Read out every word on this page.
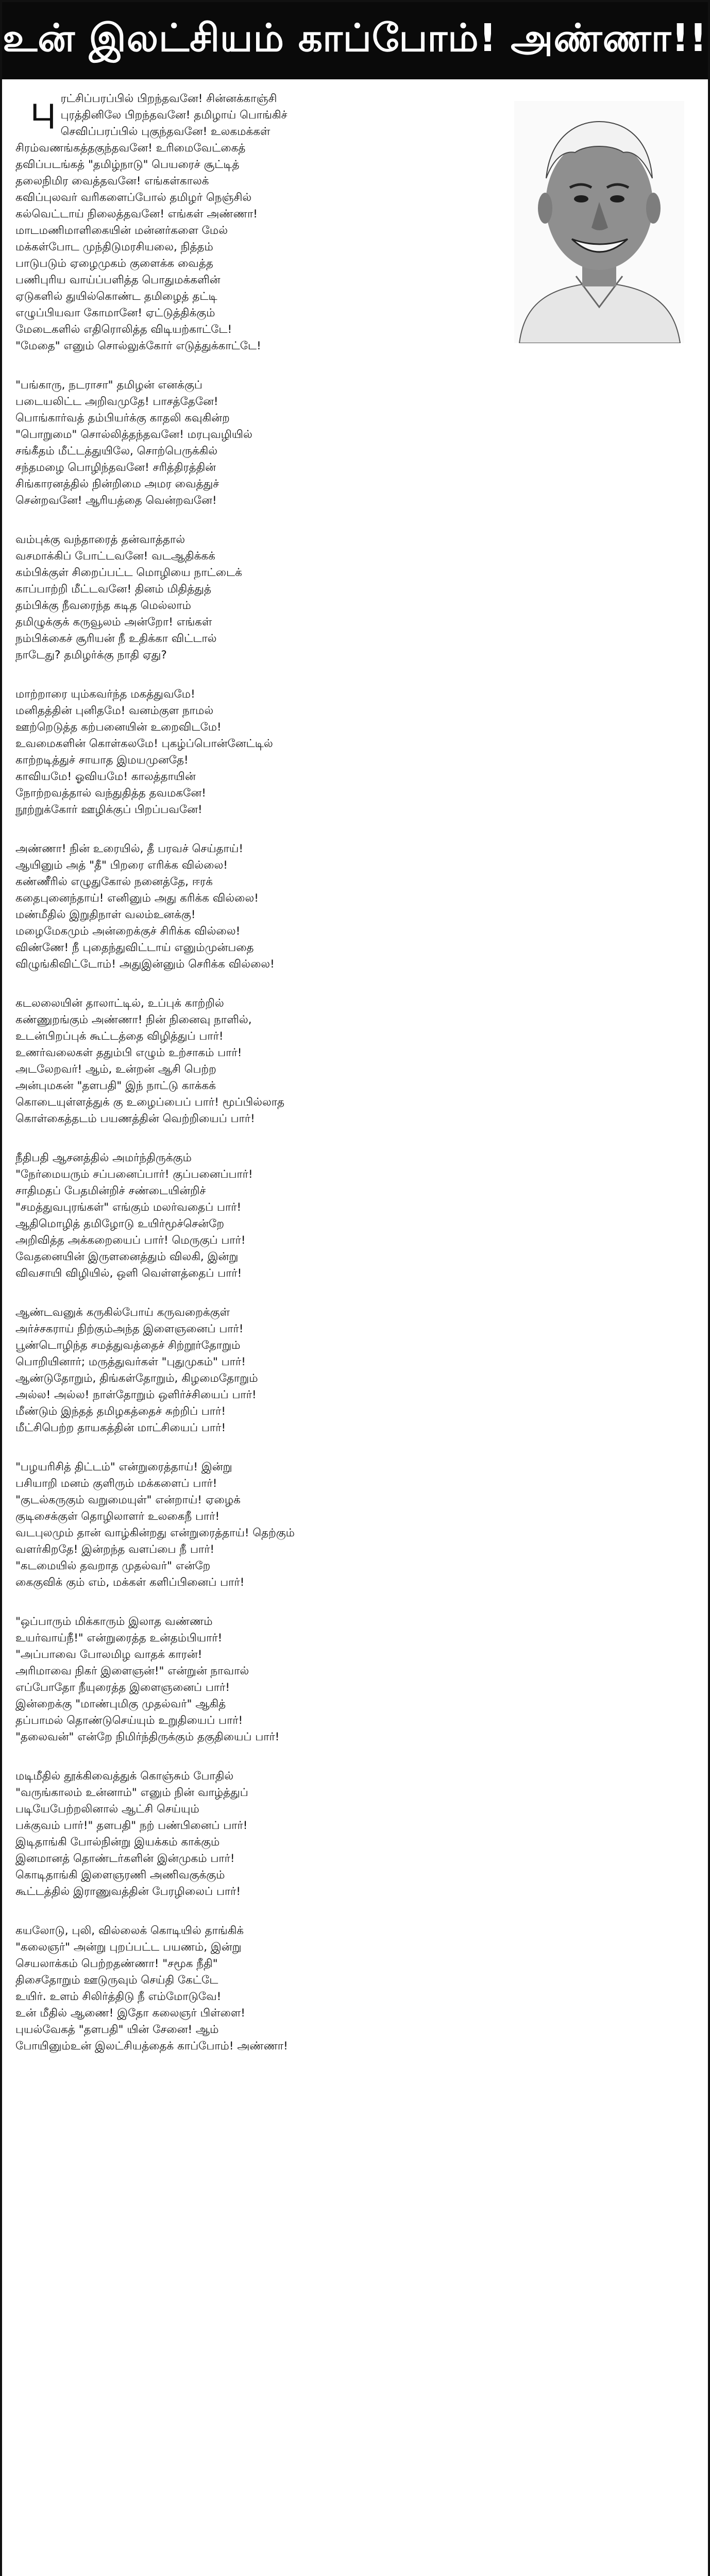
உன் இலட்சியம் காப்போம்! அண்ணா!!
பு ரட்சிப்பரப்பில் பிறந்தவனே! சின்னக்காஞ்சி
புரத்தினிலே பிறந்தவனே! தமிழாய் பொங்கிச்
செவிப்பரப்பில் புகுந்தவனே! உலகமக்கள்
சிரம்வணங்கத்தகுந்தவனே! உரிமைவேட்கைத்
தவிப்படங்கத் "தமிழ்நாடு" பெயரைச் சூட்டித்
தலைநிமிர வைத்தவனே! எங்கள்காலக்
கவிப்புலவர் வரிகளைப்போல் தமிழர் நெஞ்சில்
கல்வெட்டாய் நிலைத்தவனே! எங்கள் அண்ணா!
மாடமணிமாளிகையின் மன்னர்களை மேல்
மக்கள்போட முந்திடுமரசியலை, நித்தம்
பாடுபடும் ஏழைமுகம் குளைக்க வைத்த
பணிபுரிய வாய்ப்பளித்த பொதுமக்களின்
ஏடுகளில் துயில்கொண்ட தமிழைத் தட்டி
எழுப்பியவா கோமானே! ஏட்டுத்திக்கும்
மேடைகளில் எதிரொலித்த விடியற்காட்டே!
"மேதை" எனும் சொல்லுக்கோர் எடுத்துக்காட்டே!
"பங்காரு, நடராசா" தமிழன் எனக்குப்
படையலிட்ட அறிவமுதே! பாசத்தேனே!
பொங்கார்வத் தம்பியர்க்கு காதலி கவுகின்ற
"பொறுமை" சொல்லித்தந்தவனே! மரபுவழியில்
சங்கீதம் மீட்டத்துயிலே, சொற்பெருக்கில்
சந்தமழை பொழிந்தவனே! சரித்திரத்தின்
சிங்காரனத்தில் நின்றிமை அமர வைத்துச்
சென்றவனே! ஆரியத்தை வென்றவனே!
வம்புக்கு வந்தாரைத் தன்வாத்தால்
வசமாக்கிப் போட்டவனே! வடஆதிக்கக்
கம்பிக்குள் சிறைப்பட்ட மொழியை நாட்டைக்
காப்பாற்றி மீட்டவனே! தினம் மிதித்துத்
தம்பிக்கு நீவரைந்த கடித மெல்லாம்
தமிழுக்குக் கருவூலம் அன்றோ! எங்கள்
நம்பிக்கைச் சூரியன் நீ உதிக்கா விட்டால்
நாடேது? தமிழர்க்கு நாதி ஏது?
மாற்றாரை யும்கவர்ந்த மகத்துவமே!
மனிதத்தின் புனிதமே! வனம்குள நாமல்
ஊற்றெடுத்த கற்பனையின் உறைவிடமே!
உவமைகளின் கொள்கலமே! புகழ்ப்பொன்னேட்டில்
காற்றடித்துச் சாயாத இமயமுனதே!
காவியமே! ஓவியமே! காலத்தாயின்
நோற்றவத்தால் வந்துதித்த தவமகனே!
நூற்றுக்கோர் ஊழிக்குப் பிறப்பவனே!
அண்ணா! நின் உரையில், தீ பரவச் செய்தாய்!
ஆயினும் அத் "தீ" பிறரை எரிக்க வில்லை!
கண்ணீரில் எழுதுகோல் நனைத்தே, ஈரக்
கதைபுனைந்தாய்! எனினும் அது கரிக்க வில்லை!
மண்மீதில் இறுதிநாள் வலம்உனக்கு!
மழைமேகமும் அன்றைக்குச் சிரிக்க வில்லை!
விண்ணே! நீ புதைந்துவிட்டாய் எனும்முன்பதை
விழுங்கிவிட்டோம்! அதுஇன்னும் செரிக்க வில்லை!
கடலலையின் தாலாட்டில், உப்புக் காற்றில்
கண்ணுறங்கும் அண்ணா! நின் நினைவு நாளில்,
உடன்பிறப்புக் கூட்டத்தை விழித்துப் பார்!
உணர்வலைகள் ததும்பி எழும் உற்சாகம் பார்!
அடலேறவர்! ஆம், உன்றன் ஆசி பெற்ற
அன்புமகன் "தளபதி" இந் நாட்டு காக்கக்
கொடையுள்ளத்துக் கு உழைப்பைப் பார்! மூப்பில்லாத
கொள்கைத்தடம் பயணத்தின் வெற்றியைப் பார்!
நீதிபதி ஆசனத்தில் அமர்ந்திருக்கும்
"நேர்மையரும் சப்பனைப்பார்! குப்பனைப்பார்!
சாதிமதப் பேதமின்றிச் சண்டையின்றிச்
"சமத்துவபுரங்கள்" எங்கும் மலர்வதைப் பார்!
ஆதிமொழித் தமிழோடு உயிர்மூச்சென்றே
அறிவித்த அக்கறையைப் பார்! மெருகுப் பார்!
வேதனையின் இருளனைத்தும் விலகி, இன்று
விவசாயி விழியில், ஒளி வெள்ளத்தைப் பார்!
ஆண்டவனுக் கருகில்போய் கருவறைக்குள்
அர்ச்சகராய் நிற்கும்அந்த இளைஞனைப் பார்!
பூண்டொழிந்த சமத்துவத்தைச் சிற்றூர்தோறும்
பொறியினார்; மருத்துவர்கள் "புதுமுகம்" பார்!
ஆண்டுதோறும், திங்கள்தோறும், கிழமைதோறும்
அல்ல! அல்ல! நாள்தோறும் ஒளிர்ச்சியைப் பார்!
மீண்டும் இந்தத் தமிழகத்தைச் சுற்றிப் பார்!
மீட்சிபெற்ற தாயகத்தின் மாட்சியைப் பார்!
"பழயரிசித் திட்டம்" என்றுரைத்தாய்! இன்று
பசியாறி மனம் குளிரும் மக்களைப் பார்!
"குடல்கருகும் வறுமையுள்" என்றாய்! ஏழைக்
குடிசைக்குள் தொழிலாளர் உலகைநீ பார்!
வடபுலமும் தான் வாழ்கின்றது என்றுரைத்தாய்! தெற்கும்
வளர்கிறதே! இன்றந்த வளப்பை நீ பார்!
"கடமையில் தவறாத முதல்வர்" என்றே
கைகுவிக் கும் எம், மக்கள் களிப்பினைப் பார்!
"ஒப்பாரும் மிக்காரும் இலாத வண்ணம்
உயர்வாய்நீ!" என்றுரைத்த உன்தம்பியார்!
"அப்பாவை போலமிழ வாதக் காரன்!
அரிமாவை நிகர் இளைஞன்!" என்றுன் நாவால்
எப்போதோ நீயுரைத்த இளைஞனைப் பார்!
இன்றைக்கு "மாண்புமிகு முதல்வர்" ஆகித்
தப்பாமல் தொண்டுசெய்யும் உறுதியைப் பார்!
"தலைவன்" என்றே நிமிர்ந்திருக்கும் தகுதியைப் பார்!
மடிமீதில் தூக்கிவைத்துக் கொஞ்சும் போதில்
"வருங்காலம் உன்னாம்" எனும் நின் வாழ்த்துப்
படியேபேற்றலினால் ஆட்சி செய்யும்
பக்குவம் பார்!" தளபதி" நற் பண்பினைப் பார்!
இடிதாங்கி போல்நின்று இயக்கம் காக்கும்
இனமானத் தொண்டர்களின் இன்முகம் பார்!
கொடிதாங்கி இளைஞரணி அணிவகுக்கும்
கூட்டத்தில் இராணுவத்தின் பேரழிலைப் பார்!
கயலோடு, புலி, வில்லைக் கொடியில் தாங்கிக்
"கலைஞர்" அன்று புறப்பட்ட பயணம், இன்று
செயலாக்கம் பெற்றதண்ணா! "சமூக நீதி"
திசைதோறும் ஊடுருவும் செய்தி கேட்டே
உயிர். உளம் சிலிர்த்திடு நீ எம்மோடுவே!
உன் மீதில் ஆணை! இதோ கலைஞர் பிள்ளை!
புயல்வேகத் "தளபதி" யின் சேனை! ஆம்
போயினும்உன் இலட்சியத்தைக் காப்போம்! அண்ணா!
